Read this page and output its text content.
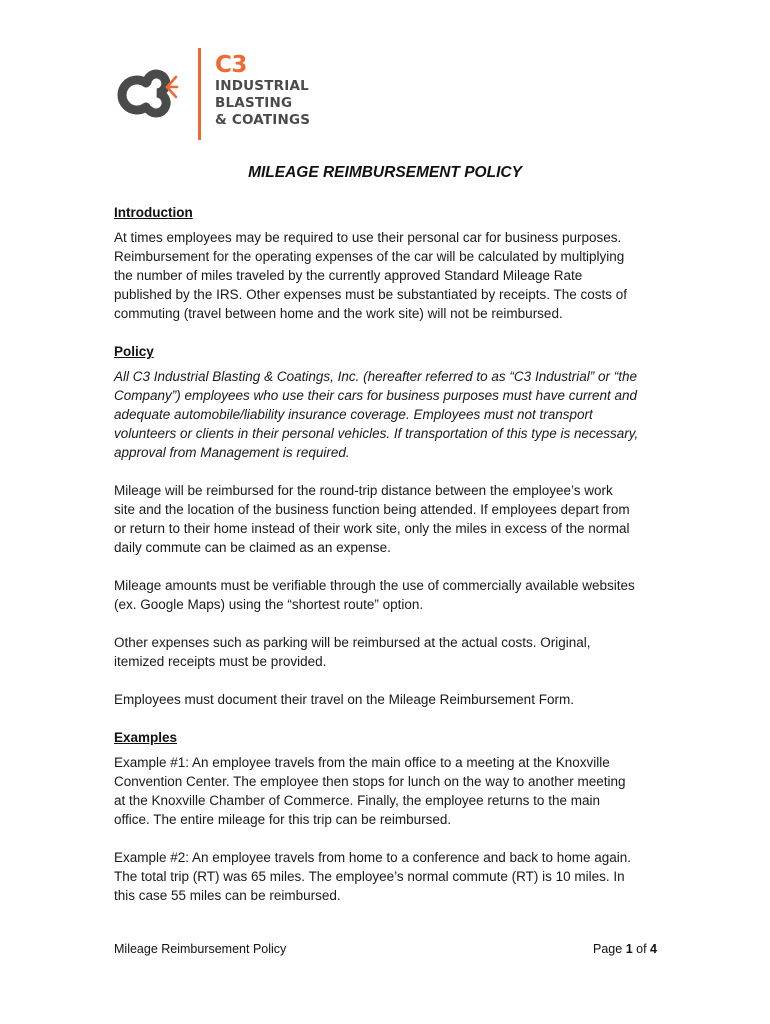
C3
INDUSTRIAL
BLASTING
& COATINGS
MILEAGE REIMBURSEMENT POLICY

Introduction

At times employees may be required to use their personal car for business purposes.

Reimbursement for the operating expenses of the car will be calculated by multiplying

the number of miles traveled by the currently approved Standard Mileage Rate

published by the IRS. Other expenses must be substantiated by receipts. The costs of

commuting (travel between home and the work site) will not be reimbursed.

Policy

All C3 Industrial Blasting & Coatings, Inc. (hereafter referred to as “C3 Industrial” or “the

Company”) employees who use their cars for business purposes must have current and

adequate automobile/liability insurance coverage. Employees must not transport

volunteers or clients in their personal vehicles. If transportation of this type is necessary,

approval from Management is required.

Mileage will be reimbursed for the round-trip distance between the employee’s work

site and the location of the business function being attended. If employees depart from

or return to their home instead of their work site, only the miles in excess of the normal

daily commute can be claimed as an expense.

Mileage amounts must be verifiable through the use of commercially available websites

(ex. Google Maps) using the “shortest route” option.

Other expenses such as parking will be reimbursed at the actual costs. Original,

itemized receipts must be provided.

Employees must document their travel on the Mileage Reimbursement Form.

Examples

Example #1: An employee travels from the main office to a meeting at the Knoxville

Convention Center. The employee then stops for lunch on the way to another meeting

at the Knoxville Chamber of Commerce. Finally, the employee returns to the main

office. The entire mileage for this trip can be reimbursed.

Example #2: An employee travels from home to a conference and back to home again.

The total trip (RT) was 65 miles. The employee’s normal commute (RT) is 10 miles. In

this case 55 miles can be reimbursed.

Mileage Reimbursement Policy	Page 1 of 4
